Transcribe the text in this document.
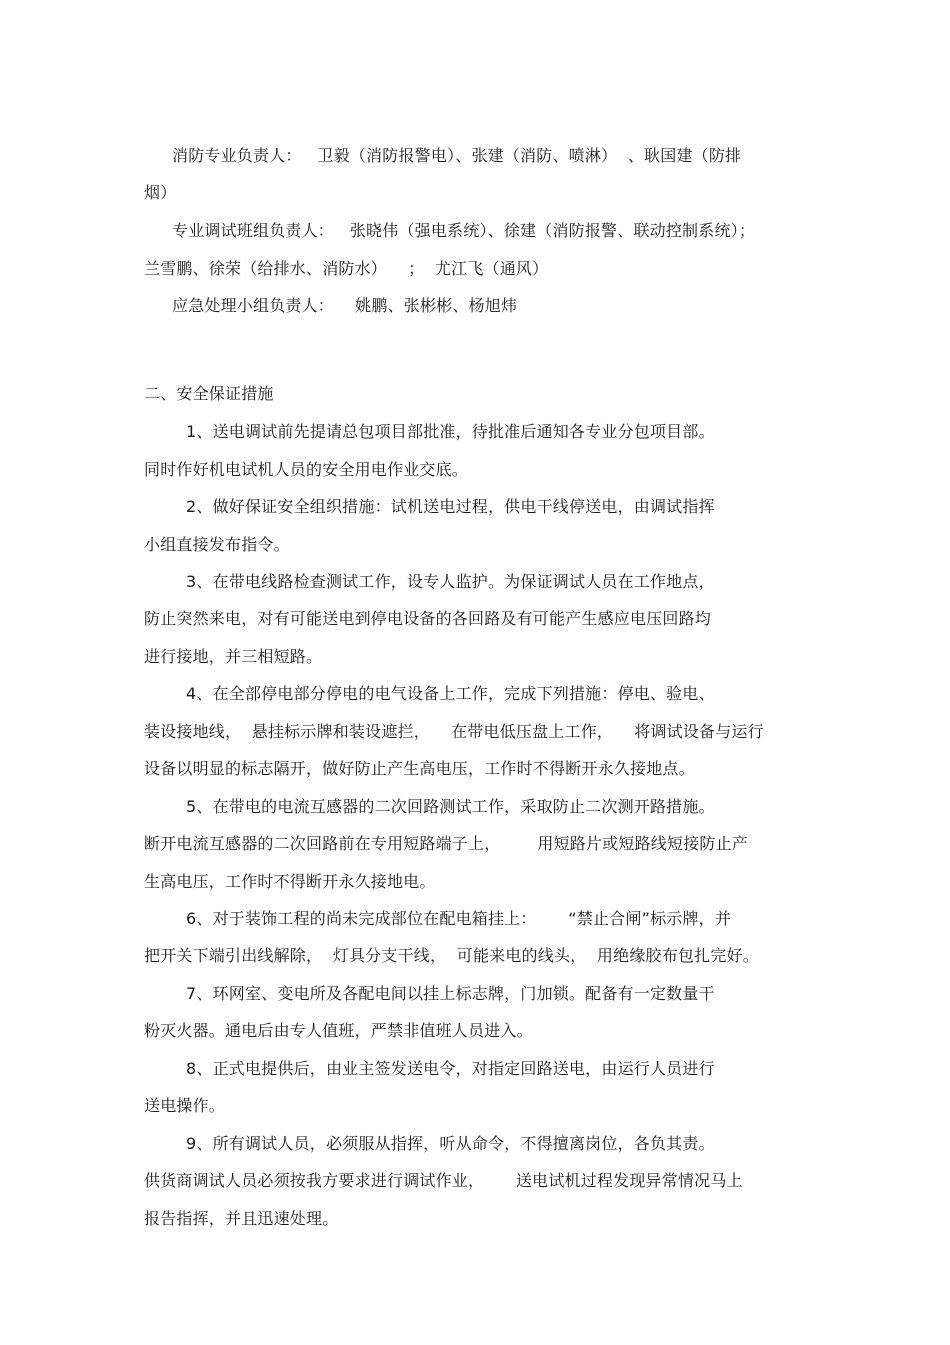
消防专业负责人：   卫毅（消防报警电）、张建（消防、喷淋）  、耿国建（防排
烟）
专业调试班组负责人：   张晓伟（强电系统）、徐建（消防报警、联动控制系统）；
兰雪鹏、徐荣（给排水、消防水）    ；  尤江飞（通风）
应急处理小组负责人：    姚鹏、张彬彬、杨旭炜
二、安全保证措施
1、送电调试前先提请总包项目部批准，待批准后通知各专业分包项目部。
同时作好机电试机人员的安全用电作业交底。
2、做好保证安全组织措施：试机送电过程，供电干线停送电，由调试指挥
小组直接发布指令。
3、在带电线路检查测试工作，设专人监护。为保证调试人员在工作地点，
防止突然来电，对有可能送电到停电设备的各回路及有可能产生感应电压回路均
进行接地，并三相短路。
4、在全部停电部分停电的电气设备上工作，完成下列措施：停电、验电、
装设接地线，  悬挂标示牌和装设遮拦，    在带电低压盘上工作，    将调试设备与运行
设备以明显的标志隔开，做好防止产生高电压，工作时不得断开永久接地点。
5、在带电的电流互感器的二次回路测试工作，采取防止二次测开路措施。
断开电流互感器的二次回路前在专用短路端子上，       用短路片或短路线短接防止产
生高电压，工作时不得断开永久接地电。
6、对于装饰工程的尚未完成部位在配电箱挂上：      “禁止合闸”标示牌，并
把开关下端引出线解除，  灯具分支干线，  可能来电的线头，  用绝缘胶布包扎完好。
7、环网室、变电所及各配电间以挂上标志牌，门加锁。配备有一定数量干
粉灭火器。通电后由专人值班，严禁非值班人员进入。
8、正式电提供后，由业主签发送电令，对指定回路送电，由运行人员进行
送电操作。
9、所有调试人员，必须服从指挥，听从命令，不得擅离岗位，各负其责。
供货商调试人员必须按我方要求进行调试作业，      送电试机过程发现异常情况马上
报告指挥，并且迅速处理。
